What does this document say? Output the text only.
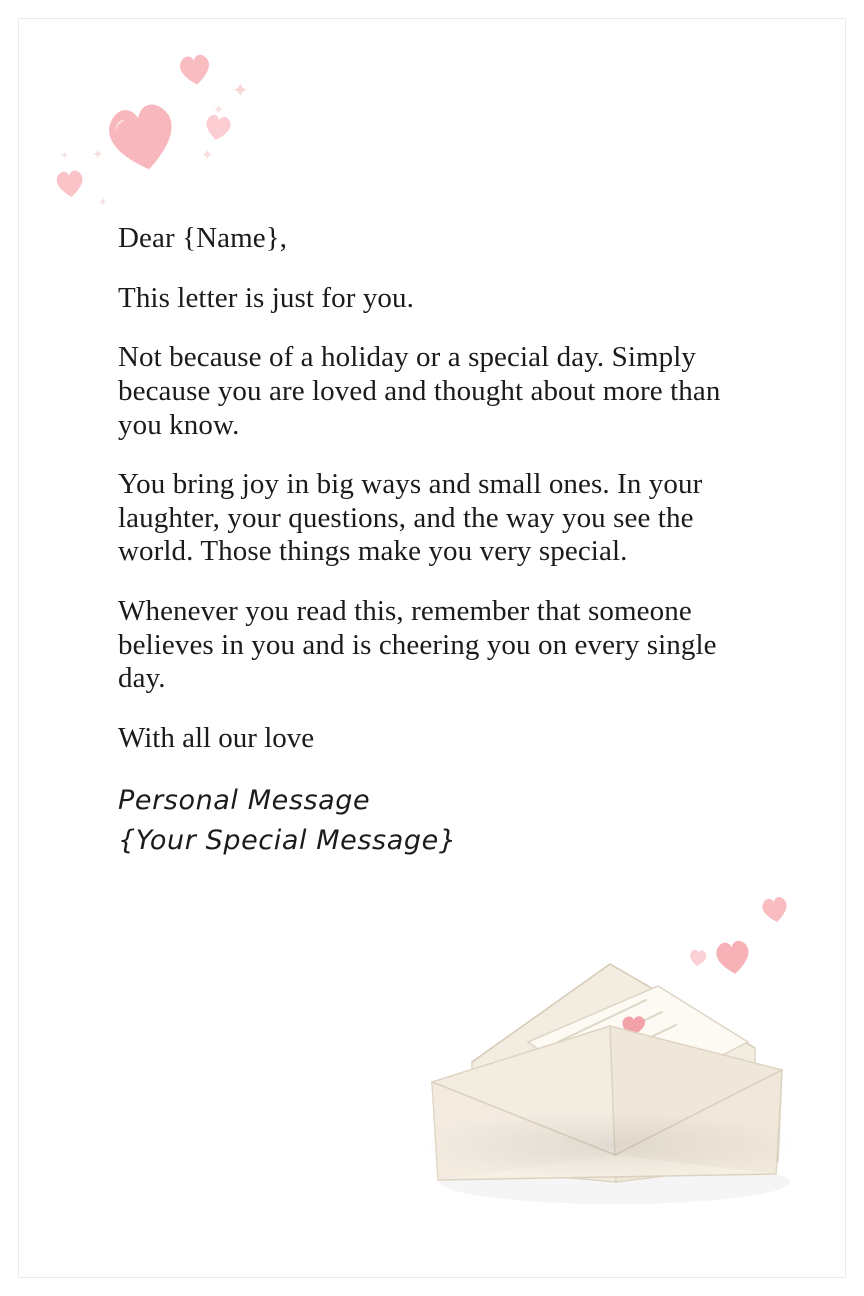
✦
✦
✦
✦
✦
✦

Dear {Name},

This letter is just for you.

Not because of a holiday or a special day. Simply because you are loved and thought about more than you know.

You bring joy in big ways and small ones. In your laughter, your questions, and the way you see the world. Those things make you very special.

Whenever you read this, remember that someone believes in you and is cheering you on every single day.

With all our love

Personal Message

{Your Special Message}
